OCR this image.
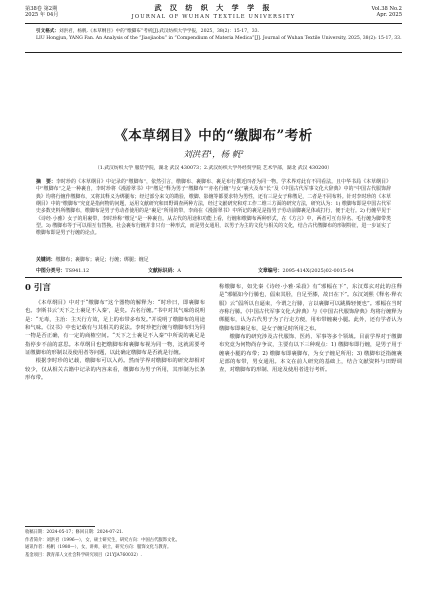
第38卷 第2期
2025 年 04月
武 汉 纺 织 大 学 学 报
JOURNAL OF WUHAN TEXTILE UNIVERSITY
Vol.38 No.2
Apr. 2025
引文格式：刘洪君，杨帆.《本草纲目》中的“缴脚布”考析[J].武汉纺织大学学报，2025，38(2)：15-17，33.
LIU Hongjun, YANG Fan. An Analysis of the “Jiaojiaobu” in “Compendium of Materia Medica”[J]. Journal of Wuhan Textile University, 2025, 38(2): 15-17, 33.
《本草纲目》中的“缴脚布”考析
刘洪君¹，杨 帆²
（1.武汉纺织大学 服装学院，湖北 武汉 430073；2.武汉纺织大学外经贸学院 艺术学部，湖北 武汉 430200）
摘　要：李时珍的《本草纲目》中记录的“缴脚布”，依然引言，缴脚布、裹脚布、裹足布行撰近四者为同一物。学术界对此有不同看法。且中华书局《本草纲目》中“缴脚布”之是一种裹自，李时珍将《漫游翠书》中“缴足”释为男子“缴脚布”“亦名行缠”与女“裹大及布“长”及《中国古代军事文化大辞典》中的“中国古代服饰辞典》均将行缠作缴脚布，又将其释义为绑腿布；经过部分来文的勘验，缴脚、影缠等都要求特为男性，还有三是女子称缴足，二者是不同布料。针对李时珍的《本草纲目》中的“缴脚布”究竟是指何物的问题，运用文献研究和田野调查两种方法，经过文献研究和对工作二维三方面的研究方法，研究认为：1) 缴脚布即是中国古代军史多数史料所缴脚布，缴脚布是男子劳动者使用的是“裹足”所用的带，李商在《漫游翠书》中所记的裹足是指男子劳动前脚裹足体或打行，便于走行。2) 行缠早见于《诗经·小雅》女子的用裹带，李时珍称“缴足”是一种裹自。从古代的用途和功能上看，行缠和缴脚布两种形式，在《方言》中，两者可互有异名、毛行缠为脚带类型。3) 缴脚布等于可以相互有替换。社会裹布行缠并非只有一种形式，而是男女通用，以男子为主的文化与相关的文化，结合古代缴脚布的形制特征，进一步证实了缴脚布即是男子行缠的论点。
关键词：缴脚布；裹脚布；裹足；行缠；绑腿；缠足
中图分类号：TS941.12	文献标识码：A	文章编号：2095-414X(2025)02-0015-04
0 引言

《本草纲目》中对于“缴脚布”这个器物的解释为：“时珍曰，即裹脚布也。李斯书云‘天下之士裹足不入秦’，是矣。古名行缠。”书中对其气味的说明是：“无毒，主治：主天行方效，足上的布带多布发。”并说明了缴脚布的用途和气味。《汉书》中也记载有与其相关的说法。李时珍把行缠与缴脚布归为同一物是否正确，有一定的商榷空间。“天下之士裹足不入秦”中所说的裹足是指停步不前的意思。本草纲目也把缴脚布和裹脚布视为同一物，这就需要考证缴脚布的形制以及使用者等问题，以此确定缴脚布是否就是行缠。

根据李时珍的记载，缴脚布可以入药。然而学界对缴脚布的研究却相对较少，仅从相关古籍中记录的内容来看，缴脚布为男子所用，其形制为长条形布带。

称缴脚布，如先秦《诗经·小雅·采菽》有“邪幅在下”，东汉郑玄对此的注释是“邪幅如今行縢也，偪束其胫，自足至膝，故曰在下”。东汉刘熙《释名·释衣服》云“偪所以自逼束，今谓之行縢，言以裹脚可以跳腾轻便也”。邪幅在当时亦称行縢。《中国古代军事文化大辞典》与《中国古代服饰辞典》均将行缠释为绑腿布，认为古代男子为了行走方便，用布带缠裹小腿。此外，还有学者认为缴脚布即裹足布，是女子缠足时所用之布。

缴脚布的研究涉及古代服饰、医药、军事等多个领域。目前学界对于缴脚布究竟为何物尚存争议，主要有以下三种观点：1) 缴脚布即行缠，是男子用于缠裹小腿的布带；2) 缴脚布即裹脚布，为女子缠足所用；3) 缴脚布泛指缠裹足部的布带，男女通用。本文在前人研究的基础上，结合文献资料与田野调查，对缴脚布的形制、用途及使用者进行考析。

收稿日期：2024-05-17；修回日期：2024-07-21.
作者简介：刘洪君（1996—），女，硕士研究生，研究方向：中国古代服饰文化。
通讯作者：杨帆（1980—），女，讲师，硕士，研究方向：服饰文化与教育。
基金项目：教育部人文社会科学研究项目（21YJA760032）.
